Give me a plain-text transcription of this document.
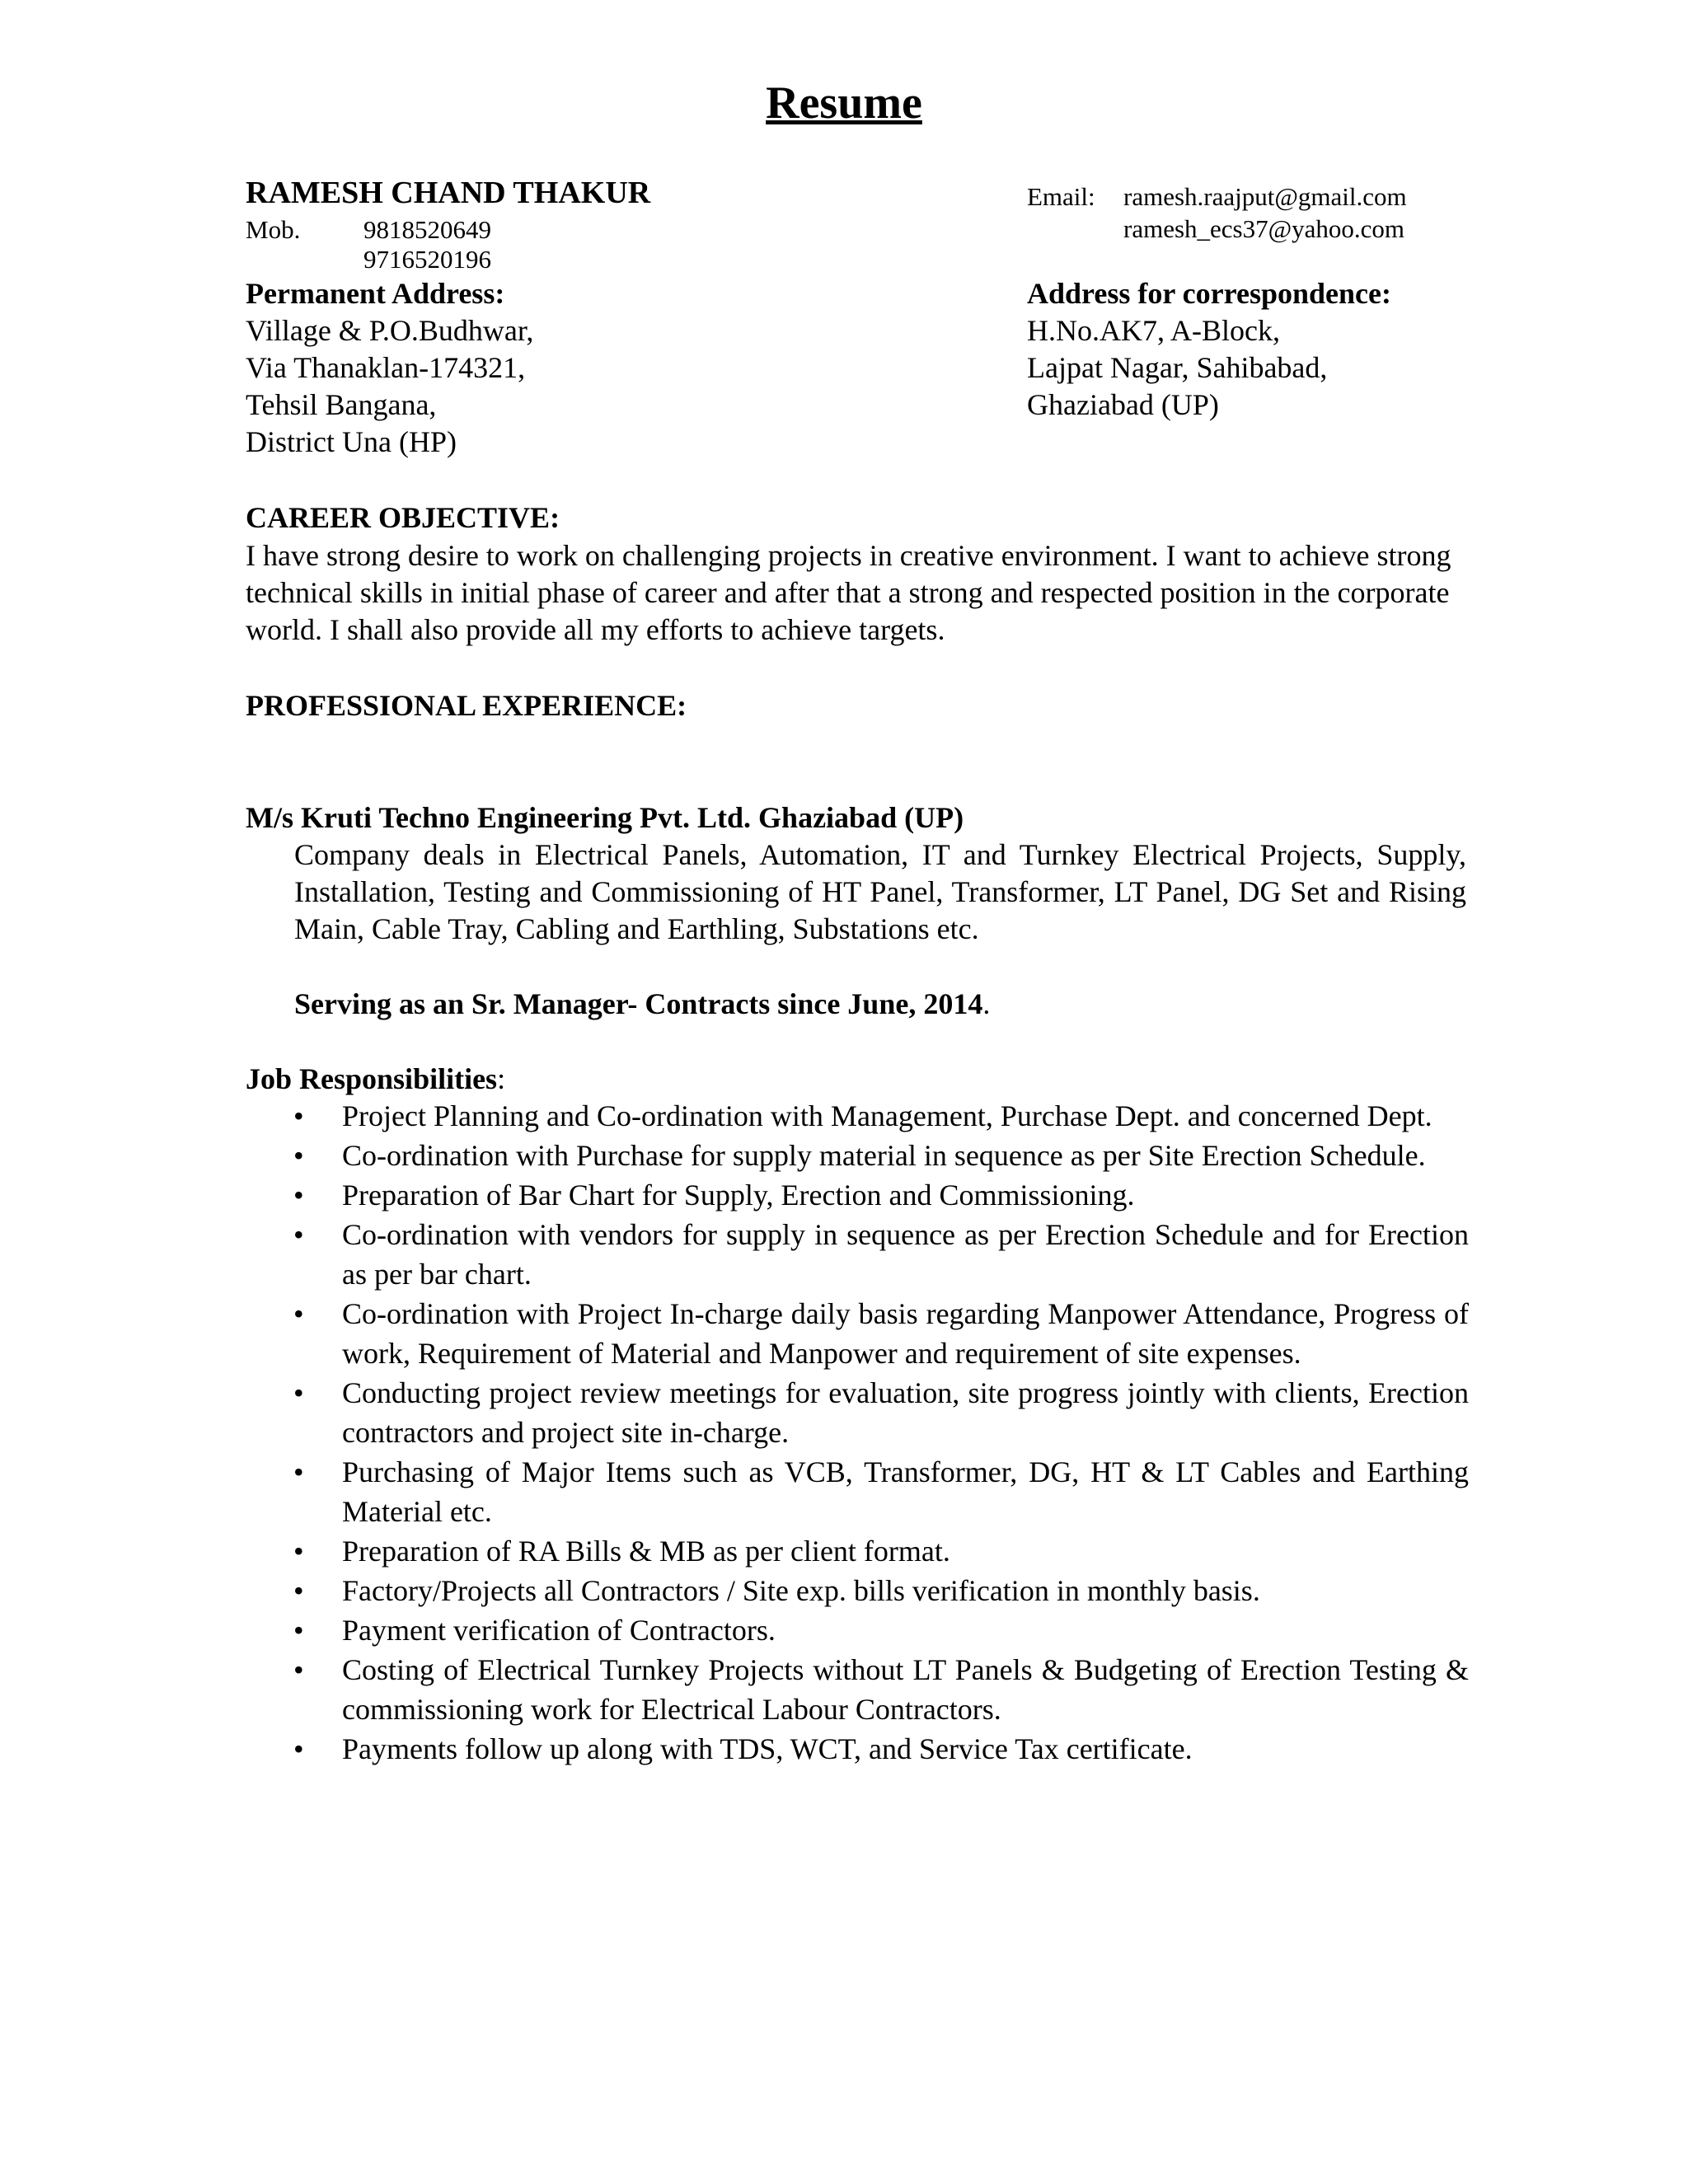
Resume
RAMESH CHAND THAKUR
Mob. 9818520649
9716520196
Email: ramesh.raajput@gmail.com
ramesh_ecs37@yahoo.com
Permanent Address:
Village & P.O.Budhwar,
Via Thanaklan-174321,
Tehsil Bangana,
District Una (HP)
Address for correspondence:
H.No.AK7, A-Block,
Lajpat Nagar, Sahibabad,
Ghaziabad (UP)
CAREER OBJECTIVE:
I have strong desire to work on challenging projects in creative environment. I want to achieve strong technical skills in initial phase of career and after that a strong and respected position in the corporate world. I shall also provide all my efforts to achieve targets.
PROFESSIONAL EXPERIENCE:
M/s Kruti Techno Engineering Pvt. Ltd. Ghaziabad (UP)
Company deals in Electrical Panels, Automation, IT and Turnkey Electrical Projects, Supply, Installation, Testing and Commissioning of HT Panel, Transformer, LT Panel, DG Set and Rising Main, Cable Tray, Cabling and Earthling, Substations etc.
Serving as an Sr. Manager- Contracts since June, 2014.
Job Responsibilities:
• Project Planning and Co-ordination with Management, Purchase Dept. and concerned Dept.
• Co-ordination with Purchase for supply material in sequence as per Site Erection Schedule.
• Preparation of Bar Chart for Supply, Erection and Commissioning.
• Co-ordination with vendors for supply in sequence as per Erection Schedule and for Erection as per bar chart.
• Co-ordination with Project In-charge daily basis regarding Manpower Attendance, Progress of work, Requirement of Material and Manpower and requirement of site expenses.
• Conducting project review meetings for evaluation, site progress jointly with clients, Erection contractors and project site in-charge.
• Purchasing of Major Items such as VCB, Transformer, DG, HT & LT Cables and Earthing Material etc.
• Preparation of RA Bills & MB as per client format.
• Factory/Projects all Contractors / Site exp. bills verification in monthly basis.
• Payment verification of Contractors.
• Costing of Electrical Turnkey Projects without LT Panels & Budgeting of Erection Testing & commissioning work for Electrical Labour Contractors.
• Payments follow up along with TDS, WCT, and Service Tax certificate.
